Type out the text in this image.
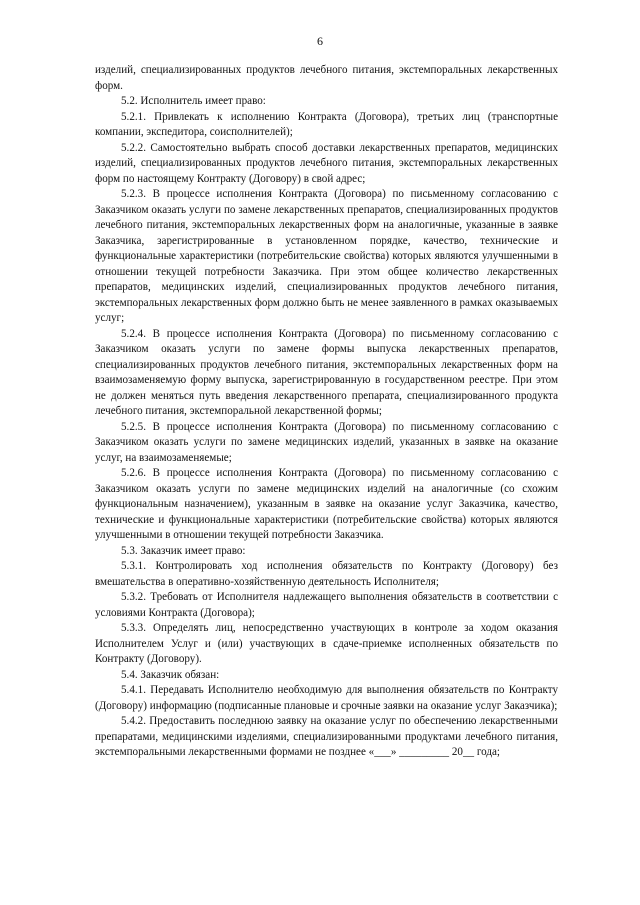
6

изделий, специализированных продуктов лечебного питания, экстемпоральных лекарственных форм.

5.2. Исполнитель имеет право:

5.2.1. Привлекать к исполнению Контракта (Договора), третьих лиц (транспортные компании, экспедитора, соисполнителей);

5.2.2. Самостоятельно выбрать способ доставки лекарственных препаратов, медицинских изделий, специализированных продуктов лечебного питания, экстемпоральных лекарственных форм по настоящему Контракту (Договору) в свой адрес;

5.2.3. В процессе исполнения Контракта (Договора) по письменному согласованию с Заказчиком оказать услуги по замене лекарственных препаратов, специализированных продуктов лечебного питания, экстемпоральных лекарственных форм на аналогичные, указанные в заявке Заказчика, зарегистрированные в установленном порядке, качество, технические и функциональные характеристики (потребительские свойства) которых являются улучшенными в отношении текущей потребности Заказчика. При этом общее количество лекарственных препаратов, медицинских изделий, специализированных продуктов лечебного питания, экстемпоральных лекарственных форм должно быть не менее заявленного в рамках оказываемых услуг;

5.2.4. В процессе исполнения Контракта (Договора) по письменному согласованию с Заказчиком оказать услуги по замене формы выпуска лекарственных препаратов, специализированных продуктов лечебного питания, экстемпоральных лекарственных форм на взаимозаменяемую форму выпуска, зарегистрированную в государственном реестре. При этом не должен меняться путь введения лекарственного препарата, специализированного продукта лечебного питания, экстемпоральной лекарственной формы;

5.2.5. В процессе исполнения Контракта (Договора) по письменному согласованию с Заказчиком оказать услуги по замене медицинских изделий, указанных в заявке на оказание услуг, на взаимозаменяемые;

5.2.6. В процессе исполнения Контракта (Договора) по письменному согласованию с Заказчиком оказать услуги по замене медицинских изделий на аналогичные (со схожим функциональным назначением), указанным в заявке на оказание услуг Заказчика, качество, технические и функциональные характеристики (потребительские свойства) которых являются улучшенными в отношении текущей потребности Заказчика.

5.3. Заказчик имеет право:

5.3.1. Контролировать ход исполнения обязательств по Контракту (Договору) без вмешательства в оперативно-хозяйственную деятельность Исполнителя;

5.3.2. Требовать от Исполнителя надлежащего выполнения обязательств в соответствии с условиями Контракта (Договора);

5.3.3. Определять лиц, непосредственно участвующих в контроле за ходом оказания Исполнителем Услуг и (или) участвующих в сдаче-приемке исполненных обязательств по Контракту (Договору).

5.4. Заказчик обязан:

5.4.1. Передавать Исполнителю необходимую для выполнения обязательств по Контракту (Договору) информацию (подписанные плановые и срочные заявки на оказание услуг Заказчика);

5.4.2. Предоставить последнюю заявку на оказание услуг по обеспечению лекарственными препаратами, медицинскими изделиями, специализированными продуктами лечебного питания, экстемпоральными лекарственными формами не позднее «___» _________ 20__ года;
